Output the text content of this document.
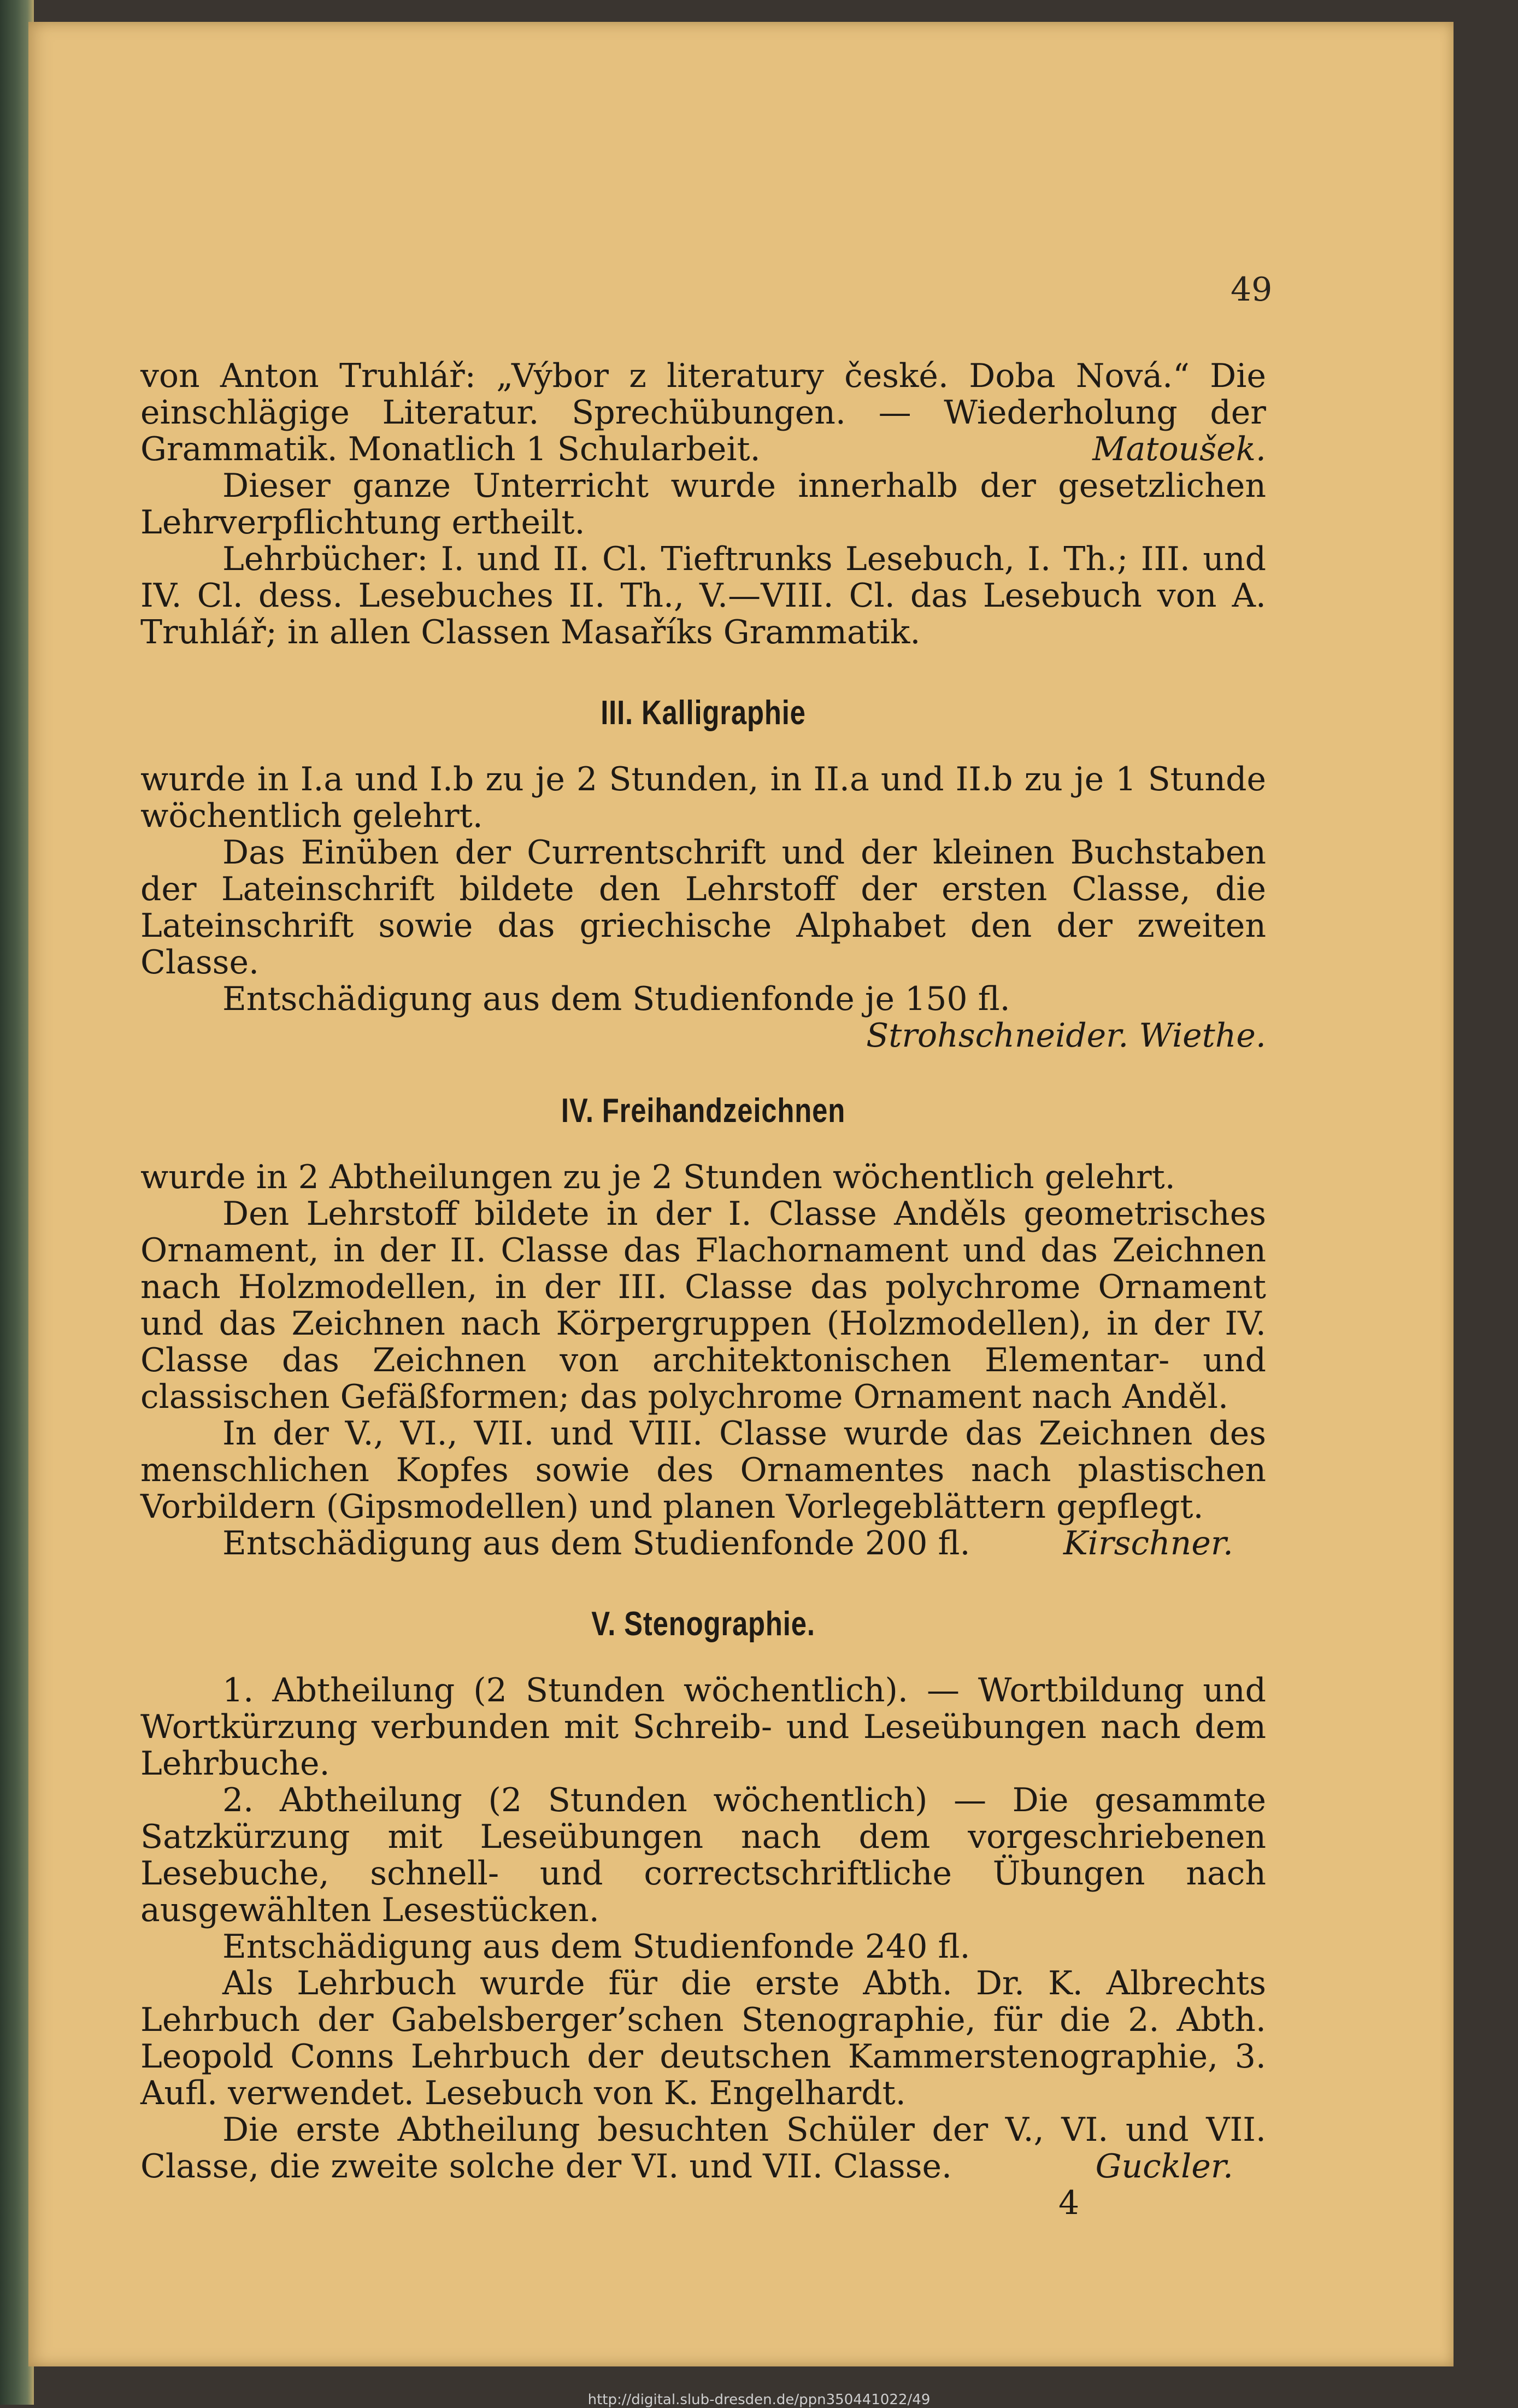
49

von Anton Truhlář: „Výbor z literatury české. Doba Nová.“ Die einschlägige Literatur. Sprechübungen. — Wiederholung der Grammatik. Monatlich 1 Schularbeit.	Matoušek.

Dieser ganze Unterricht wurde innerhalb der gesetzlichen Lehrverpflichtung ertheilt.

Lehrbücher: I. und II. Cl. Tieftrunks Lesebuch, I. Th.; III. und IV. Cl. dess. Lesebuches II. Th., V.—VIII. Cl. das Lesebuch von A. Truhlář; in allen Classen Masaříks Grammatik.

III. Kalligraphie

wurde in I.a und I.b zu je 2 Stunden, in II.a und II.b zu je 1 Stunde wöchentlich gelehrt.

Das Einüben der Currentschrift und der kleinen Buchstaben der Lateinschrift bildete den Lehrstoff der ersten Classe, die Lateinschrift sowie das griechische Alphabet den der zweiten Classe.

Entschädigung aus dem Studienfonde je 150 fl.

Strohschneider. Wiethe.

IV. Freihandzeichnen

wurde in 2 Abtheilungen zu je 2 Stunden wöchentlich gelehrt.

Den Lehrstoff bildete in der I. Classe Anděls geometrisches Ornament, in der II. Classe das Flachornament und das Zeichnen nach Holzmodellen, in der III. Classe das polychrome Ornament und das Zeichnen nach Körpergruppen (Holzmodellen), in der IV. Classe das Zeichnen von architektonischen Elementar- und classischen Gefäßformen; das polychrome Ornament nach Anděl.

In der V., VI., VII. und VIII. Classe wurde das Zeichnen des menschlichen Kopfes sowie des Ornamentes nach plastischen Vorbildern (Gipsmodellen) und planen Vorlegeblättern gepflegt.

Entschädigung aus dem Studienfonde 200 fl.	Kirschner.

V. Stenographie.

1. Abtheilung (2 Stunden wöchentlich). — Wortbildung und Wortkürzung verbunden mit Schreib- und Leseübungen nach dem Lehrbuche.

2. Abtheilung (2 Stunden wöchentlich) — Die gesammte Satzkürzung mit Leseübungen nach dem vorgeschriebenen Lesebuche, schnell- und correctschriftliche Übungen nach ausgewählten Lesestücken.

Entschädigung aus dem Studienfonde 240 fl.

Als Lehrbuch wurde für die erste Abth. Dr. K. Albrechts Lehrbuch der Gabelsberger’schen Stenographie, für die 2. Abth. Leopold Conns Lehrbuch der deutschen Kammerstenographie, 3. Aufl. verwendet. Lesebuch von K. Engelhardt.

Die erste Abtheilung besuchten Schüler der V., VI. und VII. Classe, die zweite solche der VI. und VII. Classe.	Guckler.

4

http://digital.slub-dresden.de/ppn350441022/49
